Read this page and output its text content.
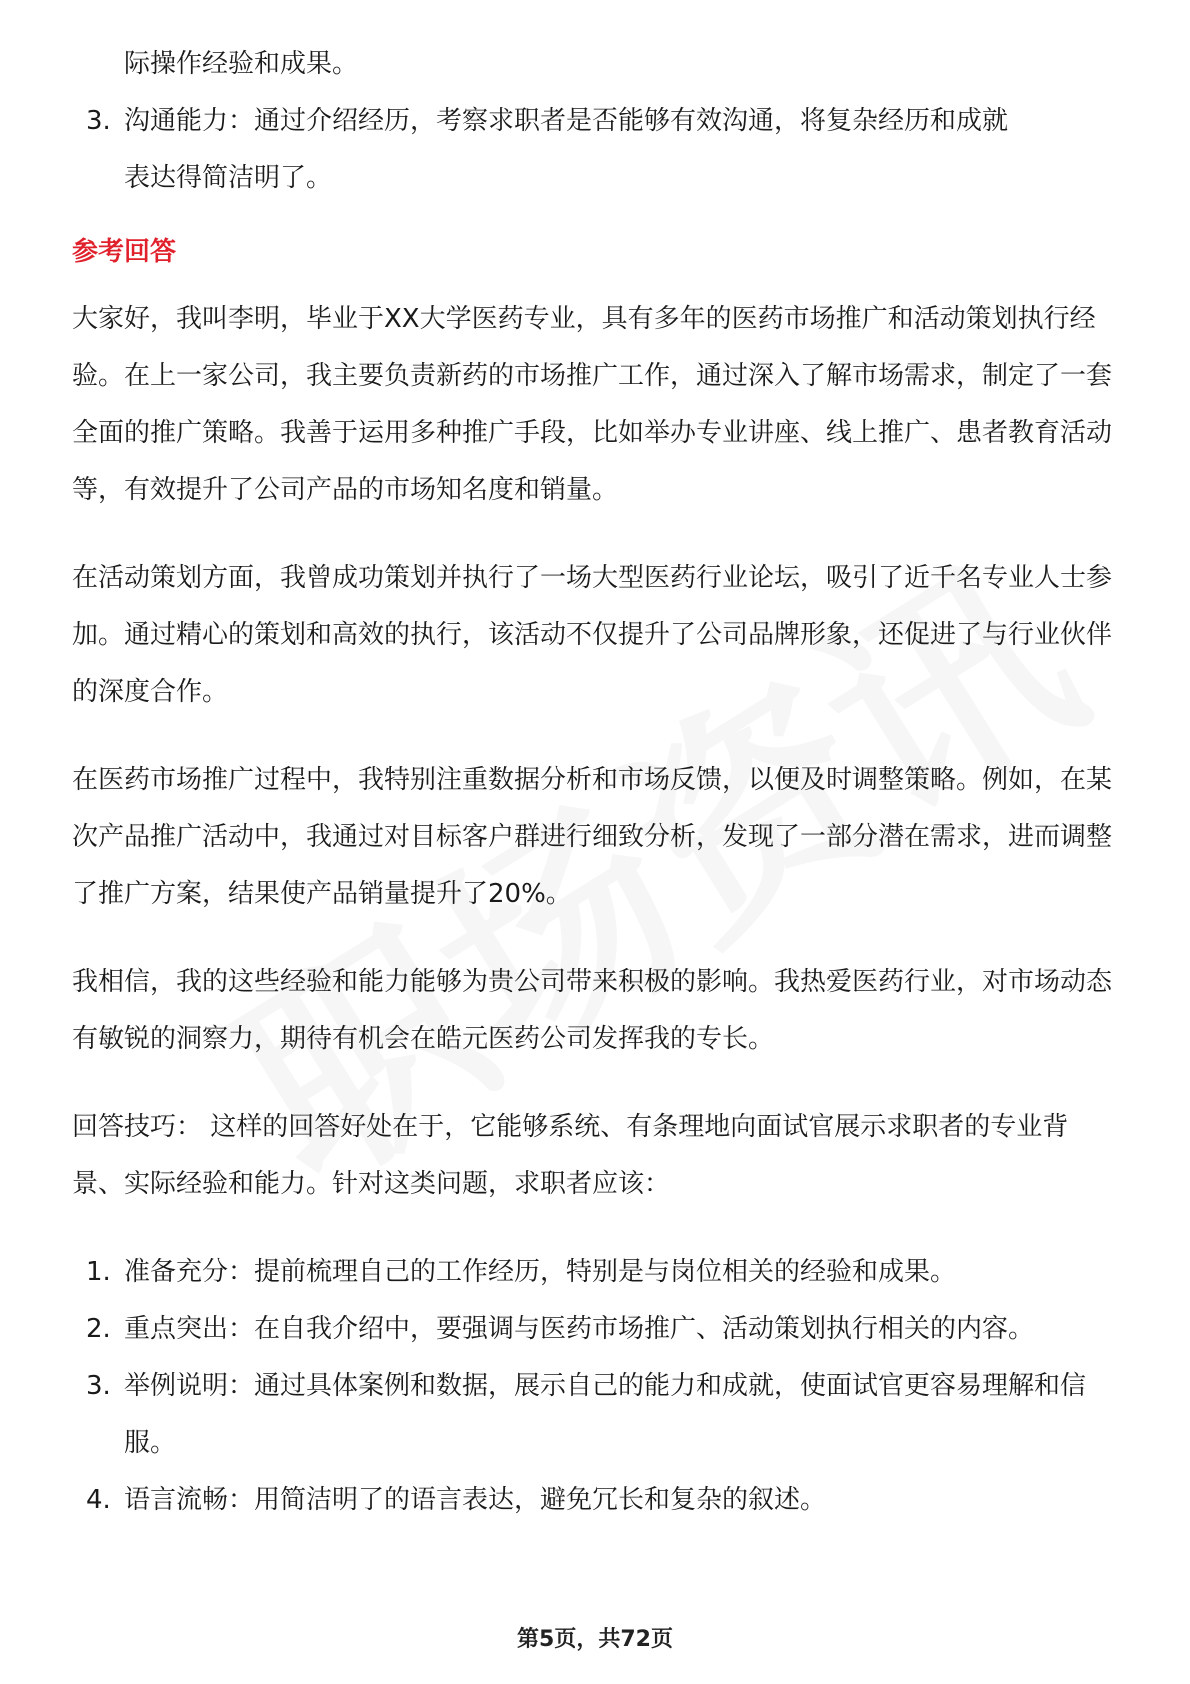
际操作经验和成果。

3. 沟通能力：通过介绍经历，考察求职者是否能够有效沟通，将复杂经历和成就
表达得简洁明了。
参考回答

大家好，我叫李明，毕业于XX大学医药专业，具有多年的医药市场推广和活动策划执行经验。在上一家公司，我主要负责新药的市场推广工作，通过深入了解市场需求，制定了一套全面的推广策略。我善于运用多种推广手段，比如举办专业讲座、线上推广、患者教育活动等，有效提升了公司产品的市场知名度和销量。

在活动策划方面，我曾成功策划并执行了一场大型医药行业论坛，吸引了近千名专业人士参加。通过精心的策划和高效的执行，该活动不仅提升了公司品牌形象，还促进了与行业伙伴的深度合作。

在医药市场推广过程中，我特别注重数据分析和市场反馈，以便及时调整策略。例如，在某次产品推广活动中，我通过对目标客户群进行细致分析，发现了一部分潜在需求，进而调整了推广方案，结果使产品销量提升了20%。

我相信，我的这些经验和能力能够为贵公司带来积极的影响。我热爱医药行业，对市场动态有敏锐的洞察力，期待有机会在皓元医药公司发挥我的专长。

回答技巧： 这样的回答好处在于，它能够系统、有条理地向面试官展示求职者的专业背景、实际经验和能力。针对这类问题，求职者应该：

1. 准备充分：提前梳理自己的工作经历，特别是与岗位相关的经验和成果。
2. 重点突出：在自我介绍中，要强调与医药市场推广、活动策划执行相关的内容。
3. 举例说明：通过具体案例和数据，展示自己的能力和成就，使面试官更容易理解和信服。
4. 语言流畅：用简洁明了的语言表达，避免冗长和复杂的叙述。
第5页，共72页
